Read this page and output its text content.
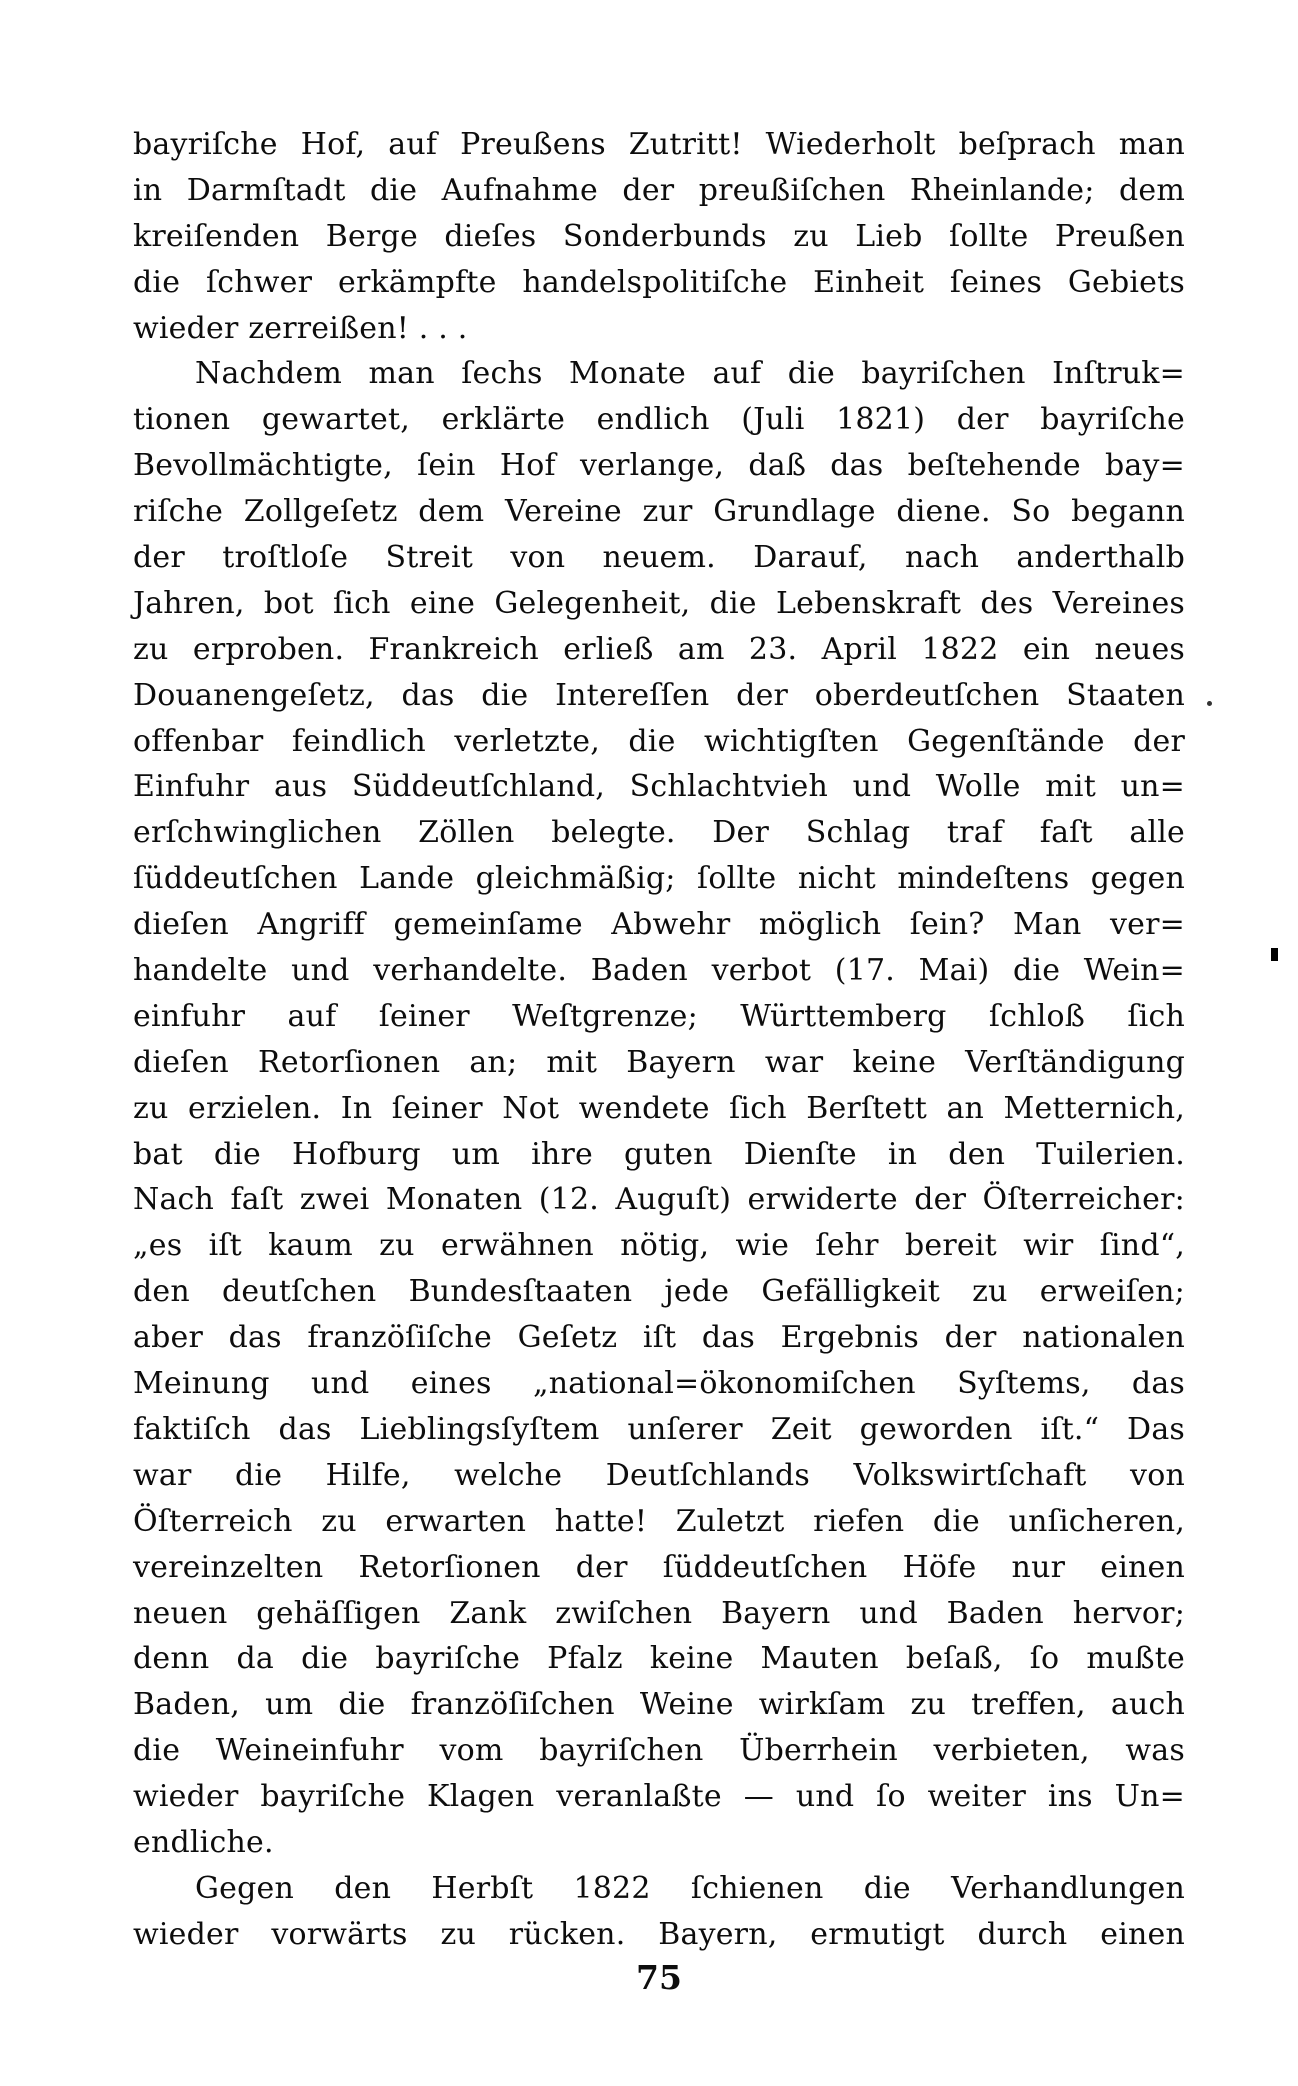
bayriſche Hof, auf Preußens Zutritt! Wiederholt beſprach man
in Darmſtadt die Aufnahme der preußiſchen Rheinlande; dem
kreiſenden Berge dieſes Sonderbunds zu Lieb ſollte Preußen
die ſchwer erkämpfte handelspolitiſche Einheit ſeines Gebiets
wieder zerreißen! . . .
Nachdem man ſechs Monate auf die bayriſchen Inſtruk=
tionen gewartet, erklärte endlich (Juli 1821) der bayriſche
Bevollmächtigte, ſein Hof verlange, daß das beſtehende bay=
riſche Zollgeſetz dem Vereine zur Grundlage diene. So begann
der troſtloſe Streit von neuem. Darauf, nach anderthalb
Jahren, bot ſich eine Gelegenheit, die Lebenskraft des Vereines
zu erproben. Frankreich erließ am 23. April 1822 ein neues
Douanengeſetz, das die Intereſſen der oberdeutſchen Staaten
offenbar feindlich verletzte, die wichtigſten Gegenſtände der
Einfuhr aus Süddeutſchland, Schlachtvieh und Wolle mit un=
erſchwinglichen Zöllen belegte. Der Schlag traf faſt alle
ſüddeutſchen Lande gleichmäßig; ſollte nicht mindeſtens gegen
dieſen Angriff gemeinſame Abwehr möglich ſein? Man ver=
handelte und verhandelte. Baden verbot (17. Mai) die Wein=
einfuhr auf ſeiner Weſtgrenze; Württemberg ſchloß ſich
dieſen Retorſionen an; mit Bayern war keine Verſtändigung
zu erzielen. In ſeiner Not wendete ſich Berſtett an Metternich,
bat die Hofburg um ihre guten Dienſte in den Tuilerien.
Nach faſt zwei Monaten (12. Auguſt) erwiderte der Öſterreicher:
„es iſt kaum zu erwähnen nötig, wie ſehr bereit wir ſind“,
den deutſchen Bundesſtaaten jede Gefälligkeit zu erweiſen;
aber das franzöſiſche Geſetz iſt das Ergebnis der nationalen
Meinung und eines „national=ökonomiſchen Syſtems, das
faktiſch das Lieblingsſyſtem unſerer Zeit geworden iſt.“ Das
war die Hilfe, welche Deutſchlands Volkswirtſchaft von
Öſterreich zu erwarten hatte! Zuletzt riefen die unſicheren,
vereinzelten Retorſionen der ſüddeutſchen Höfe nur einen
neuen gehäſſigen Zank zwiſchen Bayern und Baden hervor;
denn da die bayriſche Pfalz keine Mauten beſaß, ſo mußte
Baden, um die franzöſiſchen Weine wirkſam zu treffen, auch
die Weineinfuhr vom bayriſchen Überrhein verbieten, was
wieder bayriſche Klagen veranlaßte — und ſo weiter ins Un=
endliche.
Gegen den Herbſt 1822 ſchienen die Verhandlungen
wieder vorwärts zu rücken. Bayern, ermutigt durch einen
75
